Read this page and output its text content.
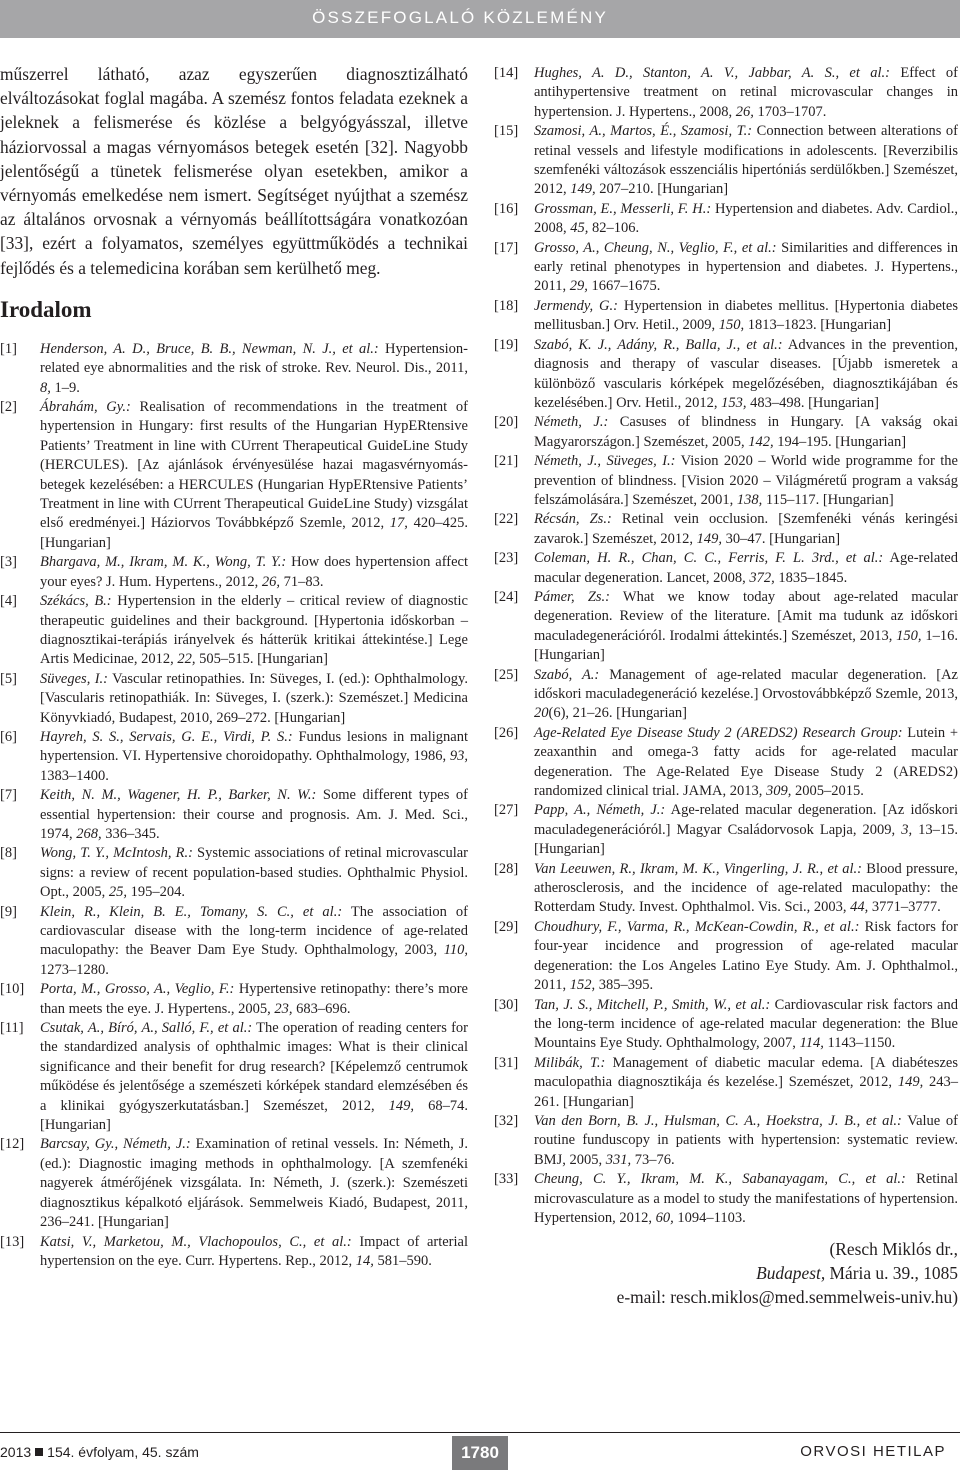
ÖSSZEFOGLALÓ KÖZLEMÉNY

műszerrel látható, azaz egyszerűen diagnosztizálható elváltozásokat foglal magába. A szemész fontos feladata ezeknek a jeleknek a felismerése és közlése a belgyógyásszal, illetve háziorvossal a magas vérnyomásos betegek esetén [32]. Nagyobb jelentőségű a tünetek felismerése olyan esetekben, amikor a vérnyomás emelkedése nem ismert. Segítséget nyújthat a szemész az általános orvosnak a vérnyomás beállítottságára vonatkozóan [33], ezért a folyamatos, személyes együttműködés a technikai fejlődés és a telemedicina korában sem kerülhető meg.

Irodalom
[1] Henderson, A. D., Bruce, B. B., Newman, N. J., et al.: Hypertension-related eye abnormalities and the risk of stroke. Rev. Neurol. Dis., 2011, 8, 1–9.
[2] Ábrahám, Gy.: Realisation of recommendations in the treatment of hypertension in Hungary: first results of the Hungarian HypERtensive Patients’ Treatment in line with CUrrent Therapeutical GuideLine Study (HERCULES). [Az ajánlások érvényesülése hazai magasvérnyomás-betegek kezelésében: a HERCULES (Hungarian HypERtensive Patients’ Treatment in line with CUrrent Therapeutical GuideLine Study) vizsgálat első eredményei.] Háziorvos Továbbképző Szemle, 2012, 17, 420–425. [Hungarian]
[3] Bhargava, M., Ikram, M. K., Wong, T. Y.: How does hypertension affect your eyes? J. Hum. Hypertens., 2012, 26, 71–83.
[4] Székács, B.: Hypertension in the elderly – critical review of diagnostic therapeutic guidelines and their background. [Hypertonia időskorban – diagnosztikai-terápiás irányelvek és hátterük kritikai áttekintése.] Lege Artis Medicinae, 2012, 22, 505–515. [Hungarian]
[5] Süveges, I.: Vascular retinopathies. In: Süveges, I. (ed.): Ophthalmology. [Vascularis retinopathiák. In: Süveges, I. (szerk.): Szemészet.] Medicina Könyvkiadó, Budapest, 2010, 269–272. [Hungarian]
[6] Hayreh, S. S., Servais, G. E., Virdi, P. S.: Fundus lesions in malignant hypertension. VI. Hypertensive choroidopathy. Ophthalmology, 1986, 93, 1383–1400.
[7] Keith, N. M., Wagener, H. P., Barker, N. W.: Some different types of essential hypertension: their course and prognosis. Am. J. Med. Sci., 1974, 268, 336–345.
[8] Wong, T. Y., McIntosh, R.: Systemic associations of retinal microvascular signs: a review of recent population-based studies. Ophthalmic Physiol. Opt., 2005, 25, 195–204.
[9] Klein, R., Klein, B. E., Tomany, S. C., et al.: The association of cardiovascular disease with the long-term incidence of age-related maculopathy: the Beaver Dam Eye Study. Ophthalmology, 2003, 110, 1273–1280.
[10] Porta, M., Grosso, A., Veglio, F.: Hypertensive retinopathy: there’s more than meets the eye. J. Hypertens., 2005, 23, 683–696.
[11] Csutak, A., Bíró, A., Salló, F., et al.: The operation of reading centers for the standardized analysis of ophthalmic images: What is their clinical significance and their benefit for drug research? [Képelemző centrumok működése és jelentősége a szemészeti kórképek standard elemzésében és a klinikai gyógyszerkutatásban.] Szemészet, 2012, 149, 68–74. [Hungarian]
[12] Barcsay, Gy., Németh, J.: Examination of retinal vessels. In: Németh, J. (ed.): Diagnostic imaging methods in ophthalmology. [A szemfenéki nagyerek átmérőjének vizsgálata. In: Németh, J. (szerk.): Szemészeti diagnosztikus képalkotó eljárások. Semmelweis Kiadó, Budapest, 2011, 236–241. [Hungarian]
[13] Katsi, V., Marketou, M., Vlachopoulos, C., et al.: Impact of arterial hypertension on the eye. Curr. Hypertens. Rep., 2012, 14, 581–590.
[14] Hughes, A. D., Stanton, A. V., Jabbar, A. S., et al.: Effect of antihypertensive treatment on retinal microvascular changes in hypertension. J. Hypertens., 2008, 26, 1703–1707.
[15] Szamosi, A., Martos, É., Szamosi, T.: Connection between alterations of retinal vessels and lifestyle modifications in adolescents. [Reverzibilis szemfenéki változások esszenciális hipertóniás serdülőkben.] Szemészet, 2012, 149, 207–210. [Hungarian]
[16] Grossman, E., Messerli, F. H.: Hypertension and diabetes. Adv. Cardiol., 2008, 45, 82–106.
[17] Grosso, A., Cheung, N., Veglio, F., et al.: Similarities and differences in early retinal phenotypes in hypertension and diabetes. J. Hypertens., 2011, 29, 1667–1675.
[18] Jermendy, G.: Hypertension in diabetes mellitus. [Hypertonia diabetes mellitusban.] Orv. Hetil., 2009, 150, 1813–1823. [Hungarian]
[19] Szabó, K. J., Adány, R., Balla, J., et al.: Advances in the prevention, diagnosis and therapy of vascular diseases. [Újabb ismeretek a különböző vascularis kórképek megelőzésében, diagnosztikájában és kezelésében.] Orv. Hetil., 2012, 153, 483–498. [Hungarian]
[20] Németh, J.: Casuses of blindness in Hungary. [A vakság okai Magyarországon.] Szemészet, 2005, 142, 194–195. [Hungarian]
[21] Németh, J., Süveges, I.: Vision 2020 – World wide programme for the prevention of blindness. [Vision 2020 – Világméretű program a vakság felszámolására.] Szemészet, 2001, 138, 115–117. [Hungarian]
[22] Récsán, Zs.: Retinal vein occlusion. [Szemfenéki vénás keringési zavarok.] Szemészet, 2012, 149, 30–47. [Hungarian]
[23] Coleman, H. R., Chan, C. C., Ferris, F. L. 3rd., et al.: Age-related macular degeneration. Lancet, 2008, 372, 1835–1845.
[24] Pámer, Zs.: What we know today about age-related macular degeneration. Review of the literature. [Amit ma tudunk az időskori maculadegenerációról. Irodalmi áttekintés.] Szemészet, 2013, 150, 1–16. [Hungarian]
[25] Szabó, A.: Management of age-related macular degeneration. [Az időskori maculadegeneráció kezelése.] Orvostovábbképző Szemle, 2013, 20(6), 21–26. [Hungarian]
[26] Age-Related Eye Disease Study 2 (AREDS2) Research Group: Lutein + zeaxanthin and omega-3 fatty acids for age-related macular degeneration. The Age-Related Eye Disease Study 2 (AREDS2) randomized clinical trial. JAMA, 2013, 309, 2005–2015.
[27] Papp, A., Németh, J.: Age-related macular degeneration. [Az időskori maculadegenerációról.] Magyar Családorvosok Lapja, 2009, 3, 13–15. [Hungarian]
[28] Van Leeuwen, R., Ikram, M. K., Vingerling, J. R., et al.: Blood pressure, atherosclerosis, and the incidence of age-related maculopathy: the Rotterdam Study. Invest. Ophthalmol. Vis. Sci., 2003, 44, 3771–3777.
[29] Choudhury, F., Varma, R., McKean-Cowdin, R., et al.: Risk factors for four-year incidence and progression of age-related macular degeneration: the Los Angeles Latino Eye Study. Am. J. Ophthalmol., 2011, 152, 385–395.
[30] Tan, J. S., Mitchell, P., Smith, W., et al.: Cardiovascular risk factors and the long-term incidence of age-related macular degeneration: the Blue Mountains Eye Study. Ophthalmology, 2007, 114, 1143–1150.
[31] Milibák, T.: Management of diabetic macular edema. [A diabéteszes maculopathia diagnosztikája és kezelése.] Szemészet, 2012, 149, 243–261. [Hungarian]
[32] Van den Born, B. J., Hulsman, C. A., Hoekstra, J. B., et al.: Value of routine funduscopy in patients with hypertension: systematic review. BMJ, 2005, 331, 73–76.
[33] Cheung, C. Y., Ikram, M. K., Sabanayagam, C., et al.: Retinal microvasculature as a model to study the manifestations of hypertension. Hypertension, 2012, 60, 1094–1103.
(Resch Miklós dr.,
Budapest, Mária u. 39., 1085
e-mail: resch.miklos@med.semmelweis-univ.hu)
2013 154. évfolyam, 45. szám	1780	ORVOSI HETILAP
